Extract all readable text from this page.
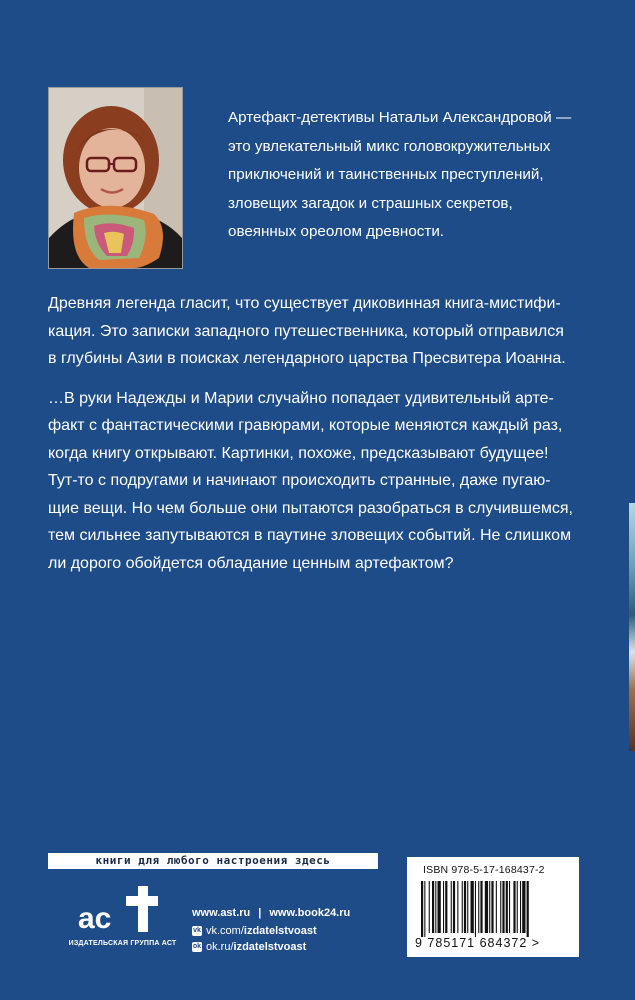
Артефакт-детективы Натальи Александровой —
это увлекательный микс головокружительных
приключений и таинственных преступлений,
зловещих загадок и страшных секретов,
овеянных ореолом древности.

Древняя легенда гласит, что существует диковинная книга-мистифи-
кация. Это записки западного путешественника, который отправился
в глубины Азии в поисках легендарного царства Пресвитера Иоанна.

…В руки Надежды и Марии случайно попадает удивительный арте-
факт с фантастическими гравюрами, которые меняются каждый раз,
когда книгу открывают. Картинки, похоже, предсказывают будущее!
Тут-то с подругами и начинают происходить странные, даже пугаю-
щие вещи. Но чем больше они пытаются разобраться в случившемся,
тем сильнее запутываются в паутине зловещих событий. Не слишком
ли дорого обойдется обладание ценным артефактом?

книги для любого настроения здесь
ac
ИЗДАТЕЛЬСКАЯ ГРУППА АСТ
www.ast.ru | www.book24.ru
vk vk.com/izdatelstvoast
ok ok.ru/izdatelstvoast
ISBN 978-5-17-168437-2
9 785171 684372 >
